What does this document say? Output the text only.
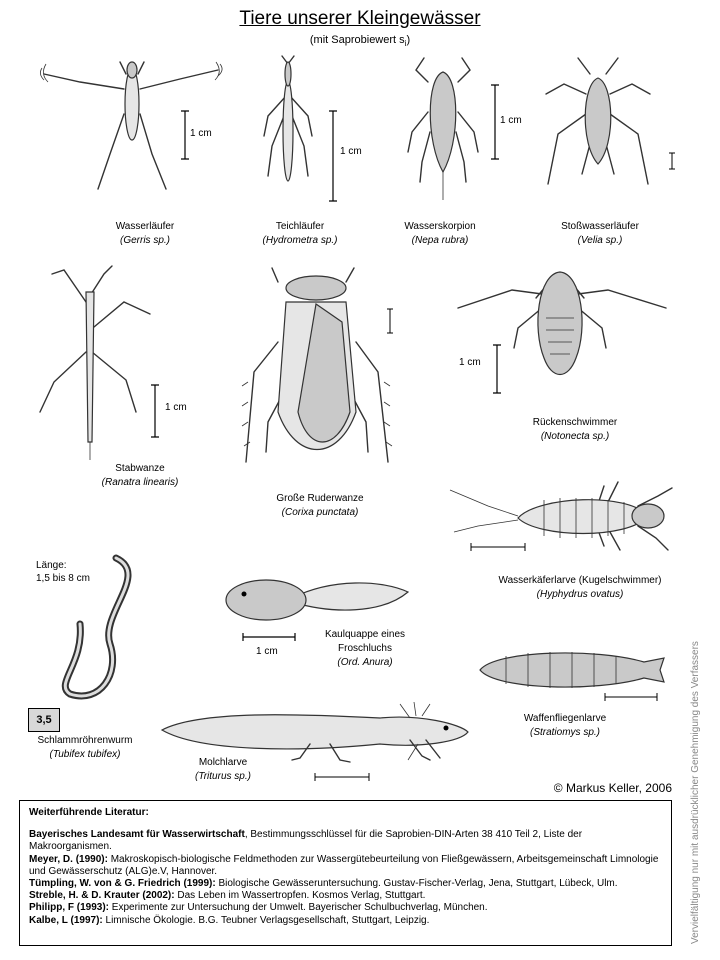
Tiere unserer Kleingewässer
(mit Saprobiewert $s_i$)
1 cm
1 cm
1 cm
Wasserläufer
(Gerris sp.)
Teichläufer
(Hydrometra sp.)
Wasserskorpion
(Nepa rubra)
Stoßwasserläufer
(Velia sp.)
1 cm
Stabwanze
(Ranatra linearis)
Große Ruderwanze
(Corixa punctata)
1 cm
Rückenschwimmer
(Notonecta sp.)
Wasserkäferlarve (Kugelschwimmer)
(Hyphydrus ovatus)
Länge:
1,5 bis 8 cm
3,5
Schlammröhrenwurm
(Tubifex tubifex)
1 cm
Kaulquappe eines
Froschluchs
(Ord. Anura)
Waffenfliegenlarve
(Stratiomys sp.)
Molchlarve
(Triturus sp.)
© Markus Keller, 2006 Vervielfältigung nur mit ausdrücklicher Genehmigung des Verfassers
Weiterführende Literatur:
Bayerisches Landesamt für Wasserwirtschaft, Bestimmungsschlüssel für die Saprobien-DIN-Arten 38 410 Teil 2, Liste der Makroorganismen.
Meyer, D. (1990): Makroskopisch-biologische Feldmethoden zur Wassergütebeurteilung von Fließgewässern, Arbeitsgemeinschaft Limnologie und Gewässerschutz (ALG)e.V, Hannover.
Tümpling, W. von & G. Friedrich (1999): Biologische Gewässeruntersuchung. Gustav-Fischer-Verlag, Jena, Stuttgart, Lübeck, Ulm.
Streble, H. & D. Krauter (2002): Das Leben im Wassertropfen. Kosmos Verlag, Stuttgart.
Philipp, F (1993): Experimente zur Untersuchung der Umwelt. Bayerischer Schulbuchverlag, München.
Kalbe, L (1997): Limnische Ökologie. B.G. Teubner Verlagsgesellschaft, Stuttgart, Leipzig.
